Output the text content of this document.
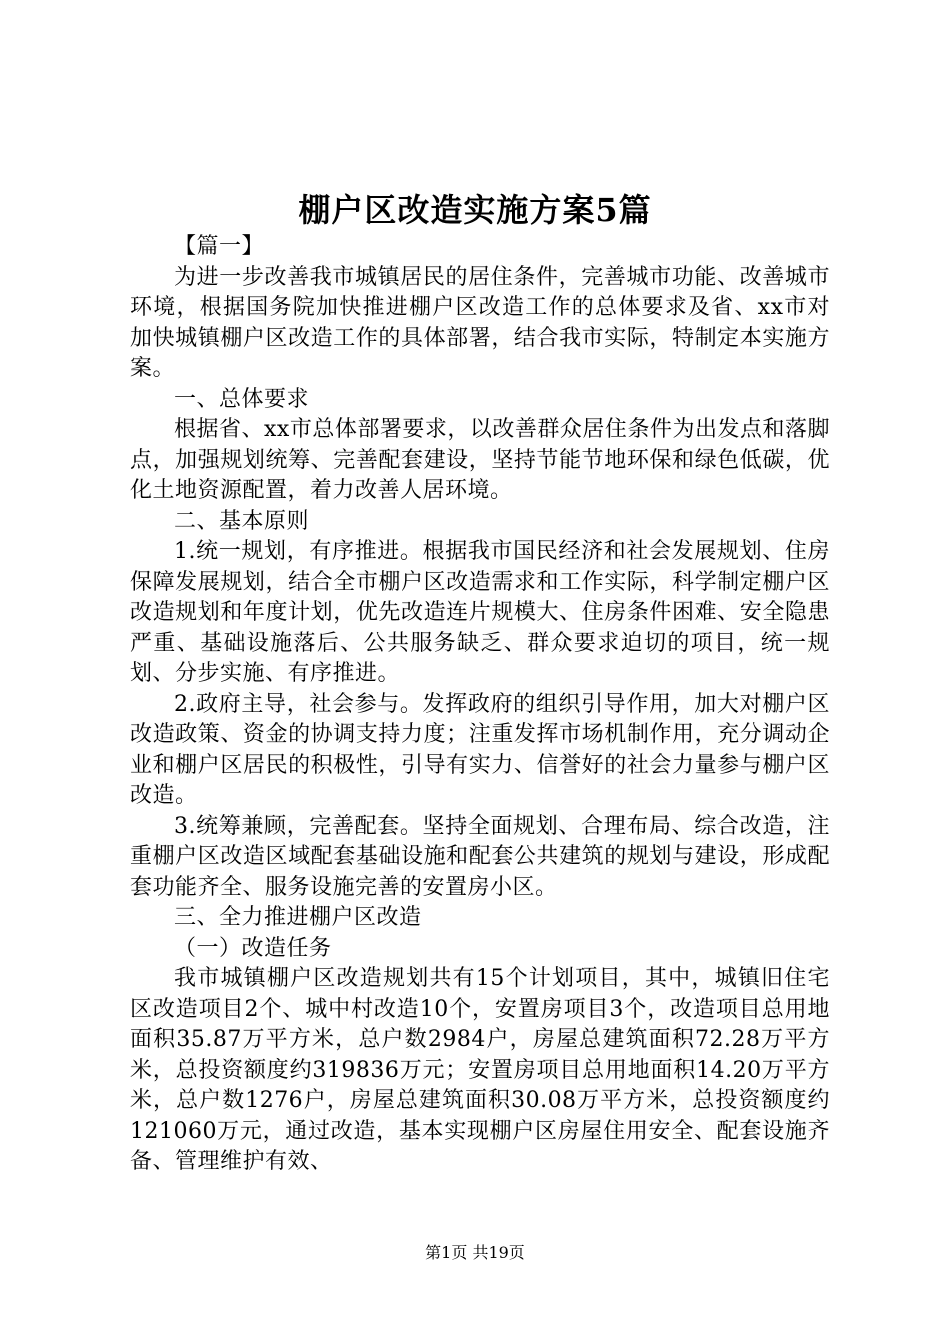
棚户区改造实施方案5篇

【篇一】

为进一步改善我市城镇居民的居住条件，完善城市功能、改善城市环境，根据国务院加快推进棚户区改造工作的总体要求及省、xx市对加快城镇棚户区改造工作的具体部署，结合我市实际，特制定本实施方案。

一、总体要求

根据省、xx市总体部署要求，以改善群众居住条件为出发点和落脚点，加强规划统筹、完善配套建设，坚持节能节地环保和绿色低碳，优化土地资源配置，着力改善人居环境。

二、基本原则

1.统一规划，有序推进。根据我市国民经济和社会发展规划、住房保障发展规划，结合全市棚户区改造需求和工作实际，科学制定棚户区改造规划和年度计划，优先改造连片规模大、住房条件困难、安全隐患严重、基础设施落后、公共服务缺乏、群众要求迫切的项目，统一规划、分步实施、有序推进。

2.政府主导，社会参与。发挥政府的组织引导作用，加大对棚户区改造政策、资金的协调支持力度；注重发挥市场机制作用，充分调动企业和棚户区居民的积极性，引导有实力、信誉好的社会力量参与棚户区改造。

3.统筹兼顾，完善配套。坚持全面规划、合理布局、综合改造，注重棚户区改造区域配套基础设施和配套公共建筑的规划与建设，形成配套功能齐全、服务设施完善的安置房小区。

三、全力推进棚户区改造

（一）改造任务

我市城镇棚户区改造规划共有15个计划项目，其中，城镇旧住宅区改造项目2个、城中村改造10个，安置房项目3个，改造项目总用地面积35.87万平方米，总户数2984户，房屋总建筑面积72.28万平方米，总投资额度约319836万元；安置房项目总用地面积14.20万平方米，总户数1276户，房屋总建筑面积30.08万平方米，总投资额度约121060万元，通过改造，基本实现棚户区房屋住用安全、配套设施齐备、管理维护有效、

第1页 共19页
